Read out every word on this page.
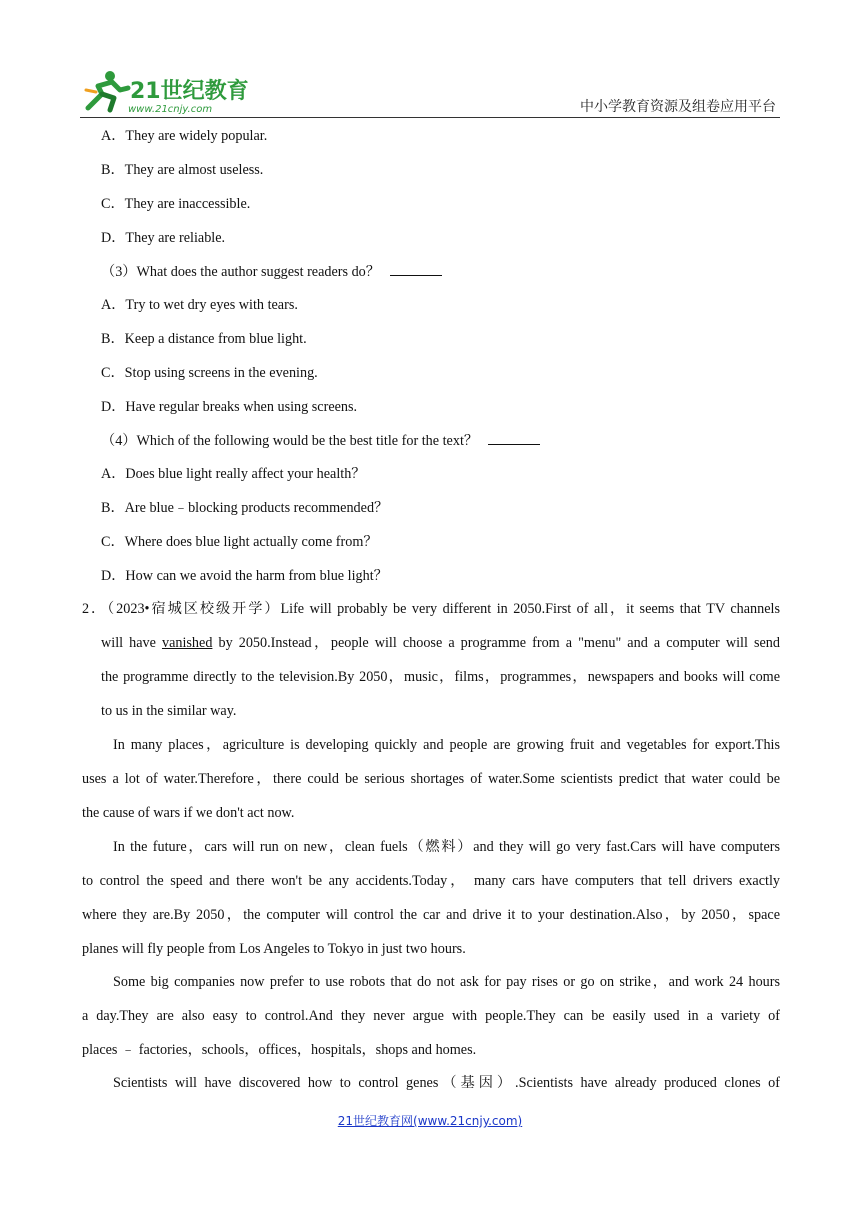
21世纪教育
www.21cnjy.com	中小学教育资源及组卷应用平台
A．They are widely popular.
B．They are almost useless.
C．They are inaccessible.
D．They are reliable.
（3）What does the author suggest readers do？
A．Try to wet dry eyes with tears.
B．Keep a distance from blue light.
C．Stop using screens in the evening.
D．Have regular breaks when using screens.
（4）Which of the following would be the best title for the text？
A．Does blue light really affect your health？
B．Are blue﹣blocking products recommended？
C．Where does blue light actually come from？
D．How can we avoid the harm from blue light？
2．（2023•宿城区校级开学）Life will probably be very different in 2050.First of all，it seems that TV channels
will have vanished by 2050.Instead，people will choose a programme from a "menu" and a computer will send
the programme directly to the television.By 2050，music，films，programmes，newspapers and books will come
to us in the similar way.
In many places，agriculture is developing quickly and people are growing fruit and vegetables for export.This
uses a lot of water.Therefore，there could be serious shortages of water.Some scientists predict that water could be
the cause of wars if we don't act now.
In the future，cars will run on new，clean fuels（燃料）and they will go very fast.Cars will have computers
to control the speed and there won't be any accidents.Today， many cars have computers that tell drivers exactly
where they are.By 2050，the computer will control the car and drive it to your destination.Also，by 2050，space
planes will fly people from Los Angeles to Tokyo in just two hours.
Some big companies now prefer to use robots that do not ask for pay rises or go on strike，and work 24 hours
a day.They are also easy to control.And they never argue with people.They can be easily used in a variety of
places ﹣ factories，schools，offices，hospitals，shops and homes.
Scientists will have discovered how to control genes（基因）.Scientists have already produced clones of
21世纪教育网(www.21cnjy.com)
